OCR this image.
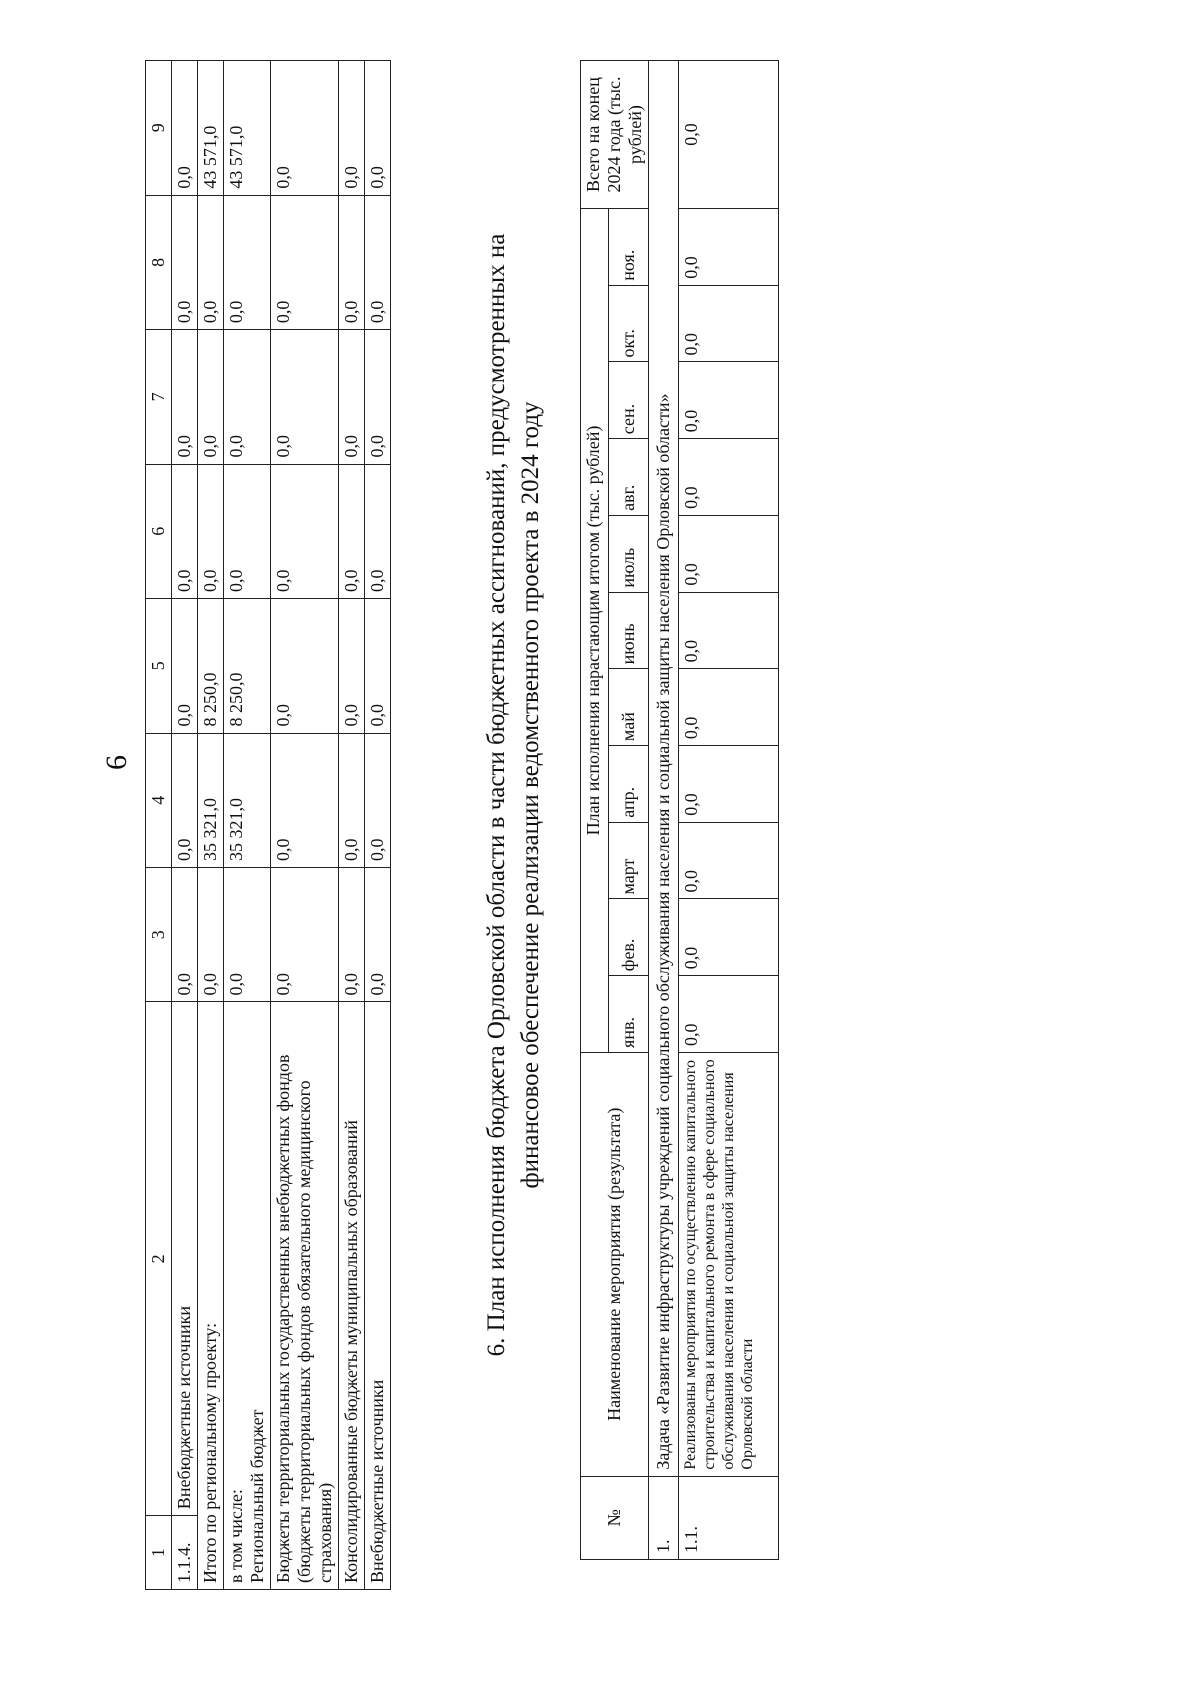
6
1	2	3	4	5	6	7	8	9
1.1.4.	Внебюджетные источники	0,0	0,0	0,0	0,0	0,0	0,0	0,0
Итого по региональному проекту:		0,0	35 321,0	8 250,0	0,0	0,0	0,0	43 571,0

в том числе: Региональный бюджет		0,0	35 321,0	8 250,0	0,0	0,0	0,0	43 571,0
Бюджеты территориальных государственных внебюджетных фондов (бюджеты территориальных фондов обязательного медицинского страхования)		0,0	0,0	0,0	0,0	0,0	0,0	0,0
Консолидированные бюджеты муниципальных образований		0,0	0,0	0,0	0,0	0,0	0,0	0,0
Внебюджетные источники		0,0	0,0	0,0	0,0	0,0	0,0	0,0
6. План исполнения бюджета Орловской области в части бюджетных ассигнований, предусмотренных на финансовое обеспечение реализации ведомственного проекта в 2024 году
№	Наименование мероприятия (результата)	План исполнения нарастающим итогом (тыс. рублей)											Всего на конец 2024 года (тыс. рублей)
		янв.	фев.	март	апр.	май	июнь	июль	авг.	сен.	окт.	ноя.	
1.	Задача «Развитие инфраструктуры учреждений социального обслуживания населения и социальной защиты населения Орловской области»												
1.1.	Реализованы мероприятия по осуществлению капитального строительства и капитального ремонта в сфере социального обслуживания населения и социальной защиты населения Орловской области	0,0	0,0	0,0	0,0	0,0	0,0	0,0	0,0	0,0	0,0	0,0	0,0
